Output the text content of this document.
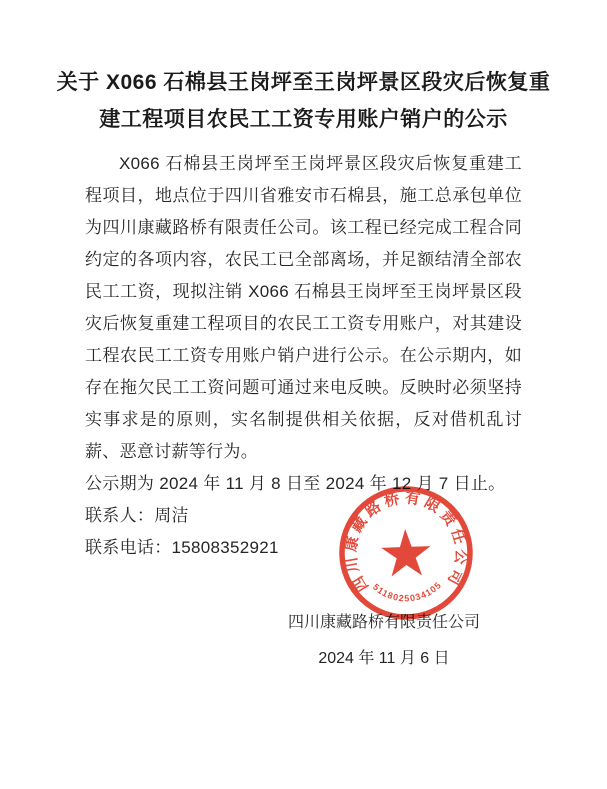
关于 X066 石棉县王岗坪至王岗坪景区段灾后恢复重建工程项目农民工工资专用账户销户的公示

X066 石棉县王岗坪至王岗坪景区段灾后恢复重建工程项目，地点位于四川省雅安市石棉县，施工总承包单位为四川康藏路桥有限责任公司。该工程已经完成工程合同约定的各项内容，农民工已全部离场，并足额结清全部农民工工资，现拟注销 X066 石棉县王岗坪至王岗坪景区段灾后恢复重建工程项目的农民工工资专用账户，对其建设工程农民工工资专用账户销户进行公示。在公示期内，如存在拖欠民工工资问题可通过来电反映。反映时必须坚持实事求是的原则，实名制提供相关依据，反对借机乱讨薪、恶意讨薪等行为。

公示期为 2024 年 11 月 8 日至 2024 年 12 月 7 日止。

联系人：周洁

联系电话：15808352921

四川康藏路桥有限责任公司
2024 年 11 月 6 日
四川康藏路桥有限责任公司
5118025034105
